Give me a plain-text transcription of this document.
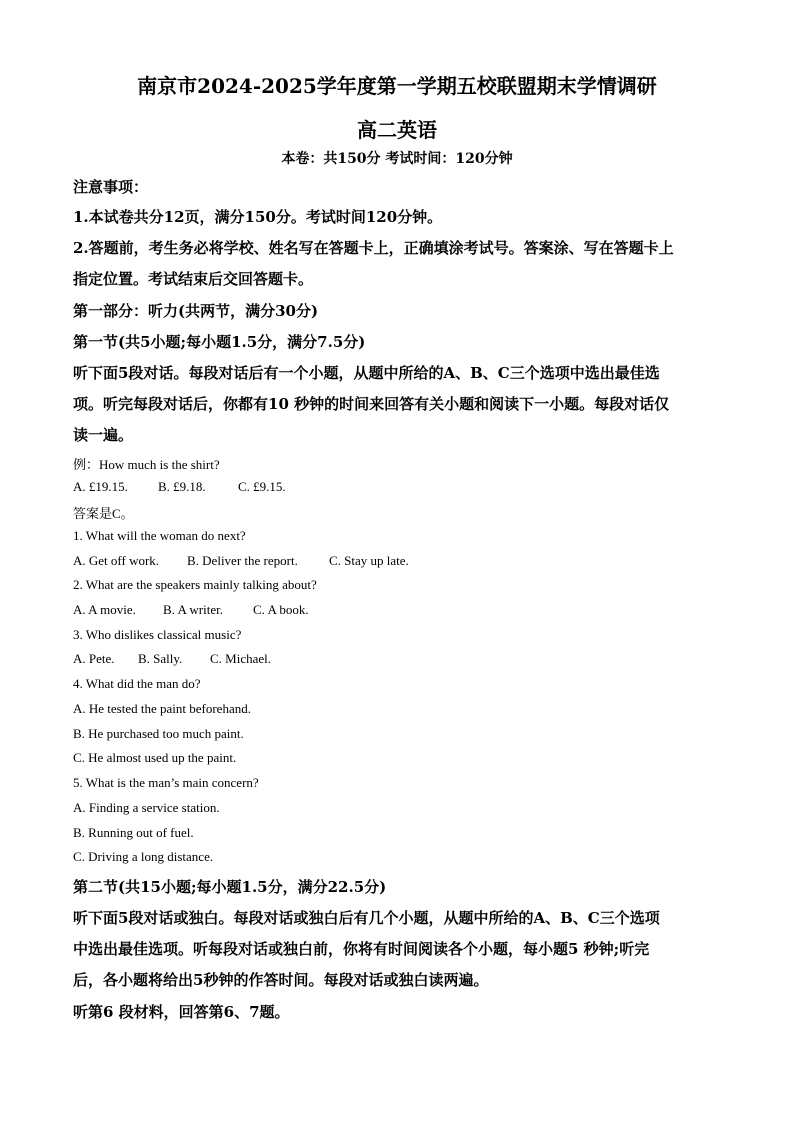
南京市2024-2025学年度第一学期五校联盟期末学情调研
高二英语

本卷：共150分 考试时间：120分钟

注意事项：

1.本试卷共分12页，满分150分。考试时间120分钟。

2.答题前，考生务必将学校、姓名写在答题卡上，正确填涂考试号。答案涂、写在答题卡上

指定位置。考试结束后交回答题卡。

第一部分：听力(共两节，满分30分)

第一节(共5小题;每小题1.5分，满分7.5分)

听下面5段对话。每段对话后有一个小题，从题中所给的A、B、C三个选项中选出最佳选

项。听完每段对话后，你都有10 秒钟的时间来回答有关小题和阅读下一小题。每段对话仅

读一遍。

例：How much is the shirt?

A. £19.15. B. £9.18. C. £9.15.

答案是C。

1. What will the woman do next?

A. Get off work. B. Deliver the report. C. Stay up late.

2. What are the speakers mainly talking about?

A. A movie. B. A writer. C. A book.

3. Who dislikes classical music?

A. Pete. B. Sally. C. Michael.

4. What did the man do?

A. He tested the paint beforehand.

B. He purchased too much paint.

C. He almost used up the paint.

5. What is the man’s main concern?

A. Finding a service station.

B. Running out of fuel.

C. Driving a long distance.

第二节(共15小题;每小题1.5分，满分22.5分)

听下面5段对话或独白。每段对话或独白后有几个小题，从题中所给的A、B、C三个选项

中选出最佳选项。听每段对话或独白前，你将有时间阅读各个小题，每小题5 秒钟;听完

后，各小题将给出5秒钟的作答时间。每段对话或独白读两遍。

听第6 段材料，回答第6、7题。
